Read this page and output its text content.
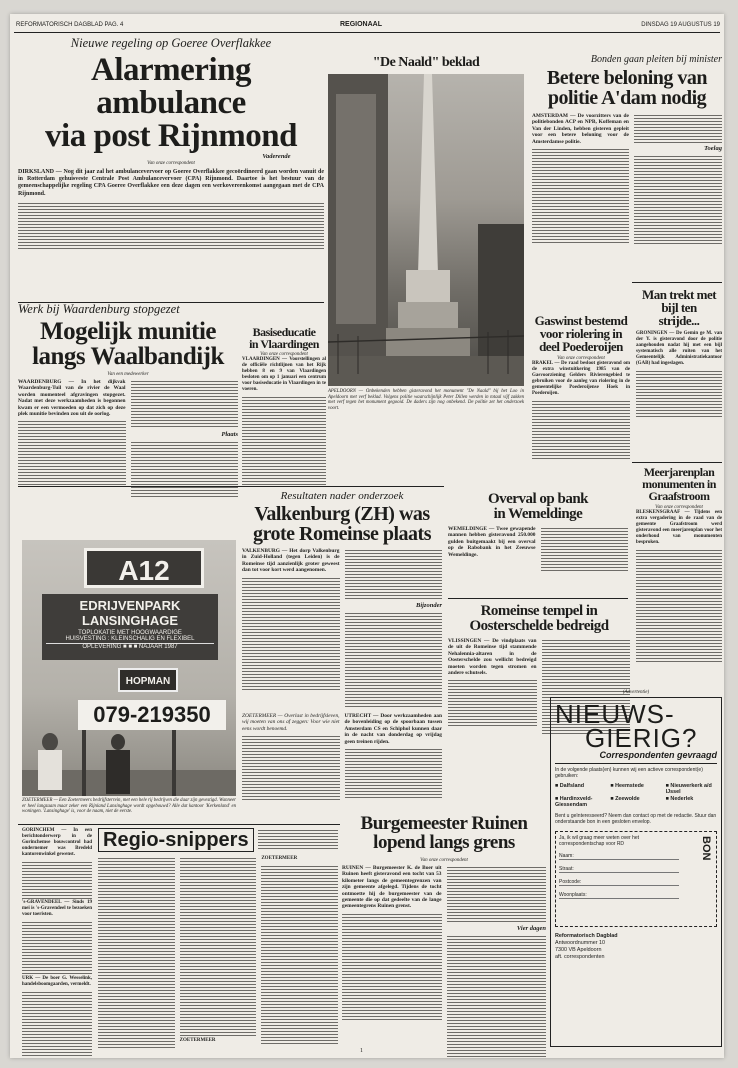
REFORMATORISCH DAGBLAD PAG. 4	REGIONAAL	DINSDAG 19 AUGUSTUS 19
Nieuwe regeling op Goeree Overflakkee
Alarmering ambulance
via post Rijnmond
Van onze correspondent
DIRKSLAND — Nog dit jaar zal het ambulancevervoer op Goeree Overflakkee gecoördineerd gaan worden vanuit de in Rotterdam gehuisveste Centrale Post Ambulancevervoer (CPA) Rijnmond. Daartoe is het bestuur van de gemeenschappelijke regeling CPA Goeree Overflakkee een deze dagen een werkovereenkomst aangegaan met de CPA Rijnmond.
Vaderende
Werk bij Waardenburg stopgezet
Mogelijk munitie
langs Waalbandijk
Van een medewerker
WAARDENBURG — In het dijkvak Waardenburg-Tuil van de rivier de Waal worden momenteel afgravingen stopgezet. Nadat met deze werkzaamheden is begonnen kwam er een vermoeden op dat zich op deze plek munitie bevinden zou uit de oorlog.
Plaats
Basiseducatie
in Vlaardingen
Van onze correspondent
VLAARDINGEN — Voorstellingen al de officiële richtlijnen van het Rijk hebben 8 en 9 van Vlaardingen besloten om op 1 januari een centrum voor basiseducatie in Vlaardingen in te voeren.
"De Naald" beklad
APELDOORN — Onbekenden hebben gisteravond het monument "De Naald" bij het Loo in Apeldoorn met verf beklad. Volgens politie waarschijnlijk Peter Dillen werden in totaal vijf zakken met verf tegen het monument gegooid. De daders zijn nog onbekend. De politie zet het onderzoek voort.
Bonden gaan pleiten bij minister
Betere beloning van
politie A'dam nodig
AMSTERDAM — De voorzitters van de politiebonden ACP en NPB, Koffeman en Van der Linden, hebben gisteren gepleit voor een betere beloning voor de Amsterdamse politie.
Toelag
Gaswinst bestemd
voor riolering in
deel Poederoijen
Van onze correspondent
BRAKEL — De raad besloot gisteravond om de extra winstuitkering 1985 van de Gasvoorziening Gelders Rivierengebied te gebruiken voor de aanleg van riolering in de gemeentelijke Poederoijense Hoek in Poederoijen.
Man trekt met
bijl ten
strijde...
GRONINGEN — De Gemin ge M. van der Y. is gisteravond door de politie aangehouden nadat hij met een bijl systematisch alle ruiten van het Gemeentelijk Administratiekantoor (GAB) had ingeslagen.
Meerjarenplan
monumenten in
Graafstroom
Van onze correspondent
BLESKENSGRAAF — Tijdens een extra vergadering in de raad van de gemeente Graafstroom werd gisteravond een meerjarenplan voor het onderhoud van monumenten besproken.
Resultaten nader onderzoek
Valkenburg (ZH) was
grote Romeinse plaats
VALKENBURG — Het dorp Valkenburg in Zuid-Holland (tegen Leiden) is de Romeinse tijd aanzienlijk groter geweest dan tot voor kort werd aangenomen.
Bijzonder
ZOETERMEER — Overlast in bedrijfsleven, wij moeten van ons af zeggen: Voor wie niet eens wordt benoemd.
UTRECHT — Door werkzaamheden aan de bovenleiding op de spoorbaan tussen Amsterdam CS en Schiphol kunnen daar in de nacht van donderdag op vrijdag geen treinen rijden.
Overval op bank
in Wemeldinge
WEMELDINGE — Twee gewapende mannen hebben gisteravond 250.000 gulden buitgemaakt bij een overval op de Rabobank in het Zeeuwse Wemeldinge.
Romeinse tempel in
Oosterschelde bedreigd
VLISSINGEN — De vindplaats van de uit de Romeinse tijd stammende Nehalennia-altaren in de Oosterschelde zou wellicht bedreigd moeten worden tegen stromen en andere schutsels.
A12
EDRIJVENPARK
LANSINGHAGE
TOPLOKATIE MET HOOGWAARDIGE
HUISVESTING : KLEINSCHALIG EN FLEXIBEL
OPLEVERING ■ ■ ■ NAJAAR 1987
HOPMAN
079-219350
ZOETERMEER — Een Zoetermeers bedrijfsterrein, met een hele rij bedrijven die daar zijn gevestigd. Wanneer er heel langzaam maar zeker een Rijnland Lansinghage wordt opgebouwd? Alle dat kantoor 'Kerkenland' en woningen. 'Lansinghage' is, voor de naam, niet de eerste.
GORINCHEM — In een berichtonderwerp in de Gorinchemse bouwcontrol had ondernemer was Bredeld kantorenwinkel gewenst.
's-GRAVENDEEL — Sinds 19 mei is 's-Gravendeel te bezoeken voor toeristen.
URK — De boer G. Wesselink, handelsboomgaarden, vermeldt.
Regio-snippers
ZOETERMEER
ZOETERMEER
Burgemeester Ruinen
lopend langs grens
Van onze correspondent
RUINEN — Burgemeester K. de Boer uit Ruinen heeft gisteravond een tocht van 53 kilometer langs de gemeentegrenzen van zijn gemeente afgelegd. Tijdens de tocht ontmoette hij de burgemeester van de gemeente die op dat gedeelte van de lange gemeentegrens Ruinen grenst.
Vier dagen
(Advertentie)
NIEUWS-
GIERIG?
Correspondenten gevraagd
In de volgende plaats(en) kunnen wij een actieve correspondent(e) gebruiken:
■ Dalfsland	■ Heemstede	■ Nieuwerkerk a/d IJssel
■ Hardinxveld-Giessendam
■ Zeewolde	■ Nederlek
Bent u geïnteresseerd? Neem dan contact op met de redactie. Stuur dan onderstaande bon in een gesloten envelop.
Ja, ik wil graag meer weten over het correspondentschap voor RD	BON
Naam:
Straat:
Postcode:
Woonplaats:
Reformatorisch Dagblad
Antwoordnummer 10
7300 VB Apeldoorn
aft. correspondenten
1
